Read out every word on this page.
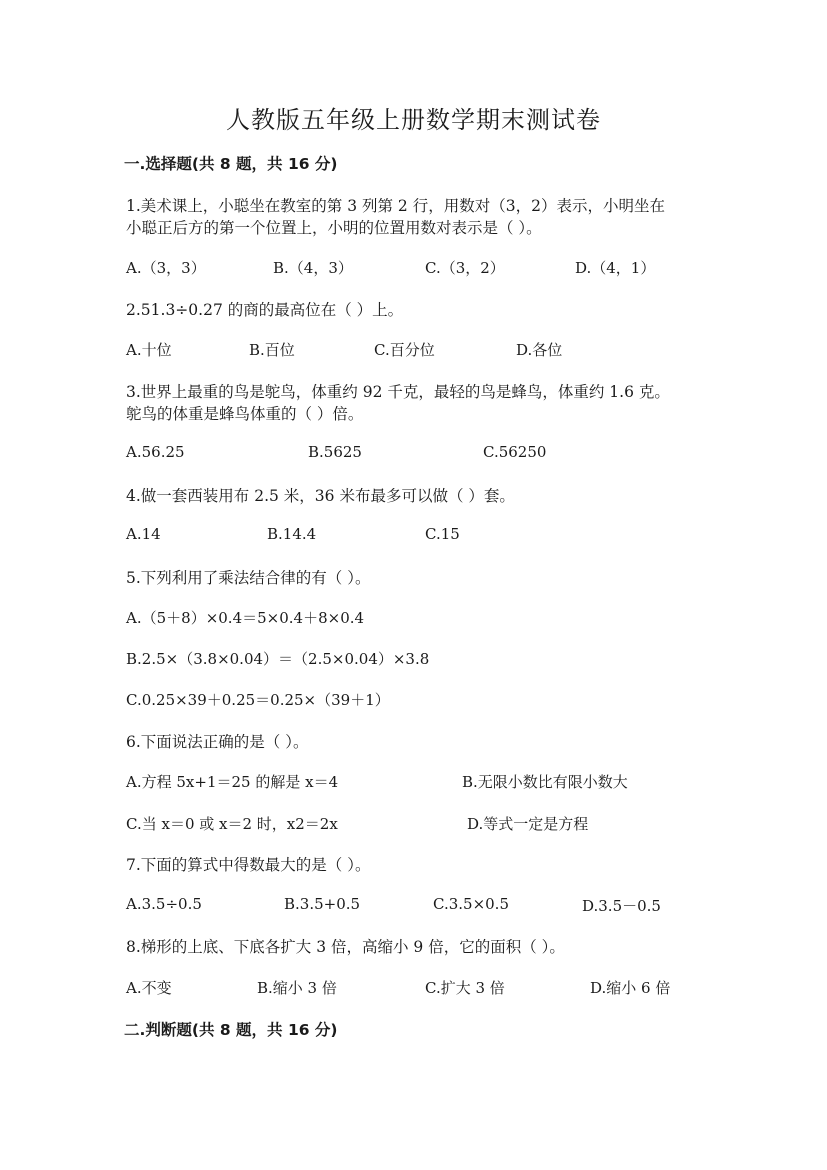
人教版五年级上册数学期末测试卷
一.选择题(共 8 题，共 16 分)
1.美术课上，小聪坐在教室的第 3 列第 2 行，用数对（3，2）表示，小明坐在
小聪正后方的第一个位置上，小明的位置用数对表示是（ ）。
A.（3，3）	B.（4，3）	C.（3，2）	D.（4，1）
2.51.3÷0.27 的商的最高位在（ ）上。
A.十位	B.百位	C.百分位	D.各位
3.世界上最重的鸟是鸵鸟，体重约 92 千克，最轻的鸟是蜂鸟，体重约 1.6 克。
鸵鸟的体重是蜂鸟体重的（ ）倍。
A.56.25	B.5625	C.56250
4.做一套西装用布 2.5 米，36 米布最多可以做（ ）套。
A.14	B.14.4	C.15
5.下列利用了乘法结合律的有（ ）。
A.（5＋8）×0.4＝5×0.4＋8×0.4
B.2.5×（3.8×0.04）＝（2.5×0.04）×3.8
C.0.25×39＋0.25＝0.25×（39＋1）
6.下面说法正确的是（ ）。
A.方程 5x+1＝25 的解是 x＝4	B.无限小数比有限小数大
C.当 x＝0 或 x＝2 时，x2＝2x	D.等式一定是方程
7.下面的算式中得数最大的是（ ）。
A.3.5÷0.5	B.3.5+0.5	C.3.5×0.5	D.3.5－0.5
8.梯形的上底、下底各扩大 3 倍，高缩小 9 倍，它的面积（ ）。
A.不变	B.缩小 3 倍	C.扩大 3 倍	D.缩小 6 倍
二.判断题(共 8 题，共 16 分)
